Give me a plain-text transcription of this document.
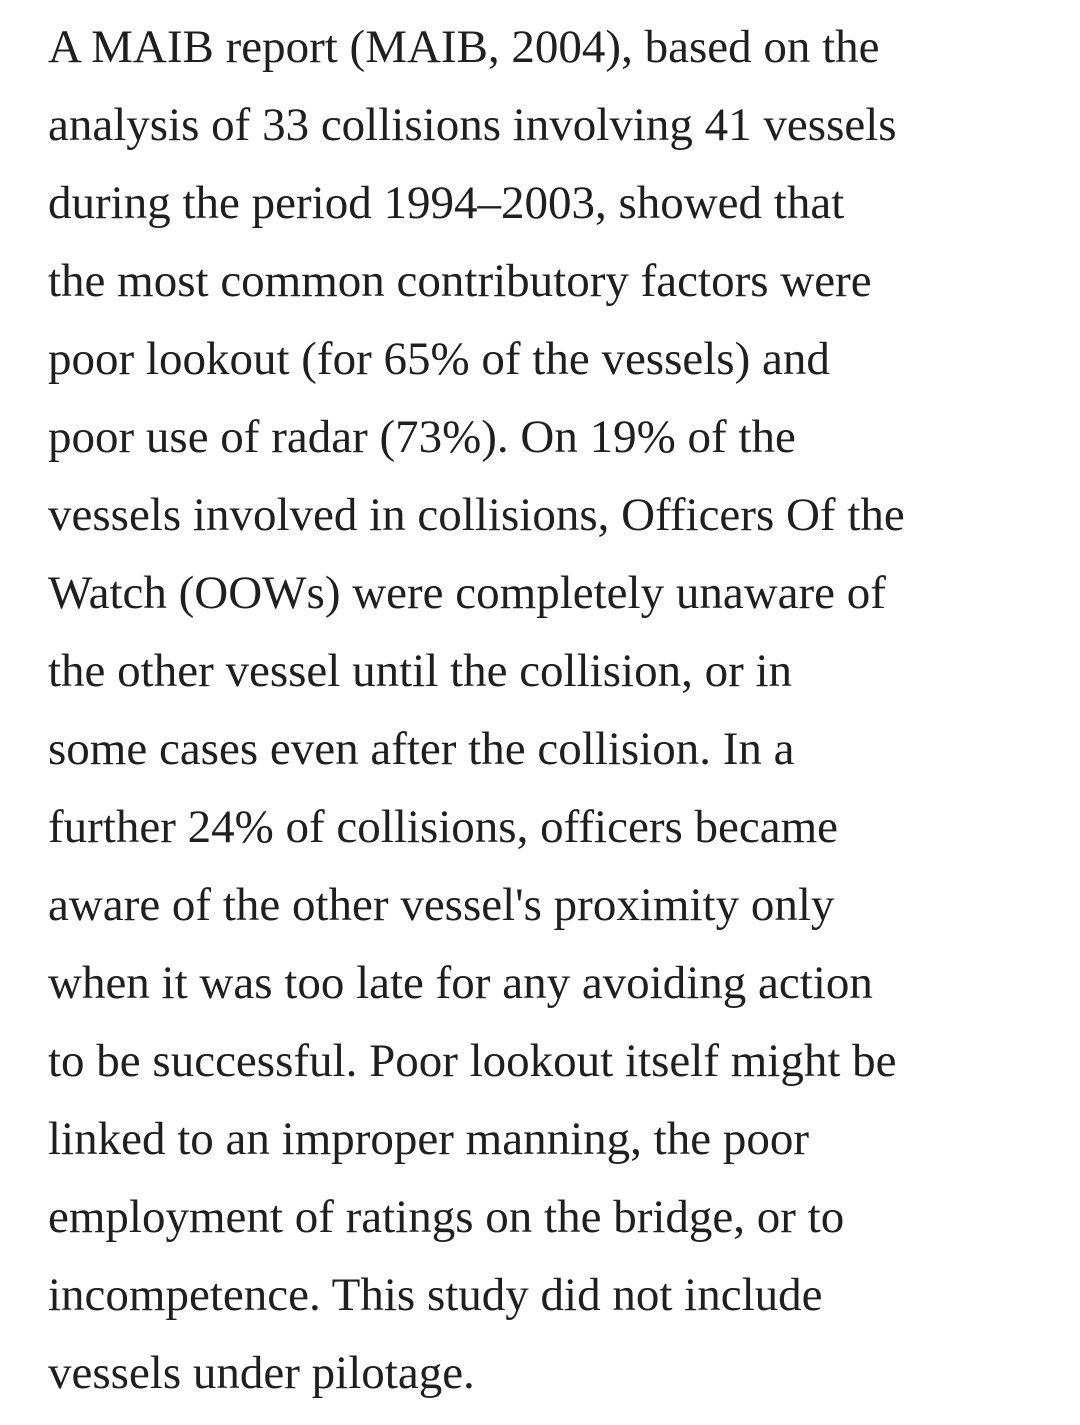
A MAIB report (MAIB, 2004), based on the
analysis of 33 collisions involving 41 vessels
during the period 1994–2003, showed that
the most common contributory factors were
poor lookout (for 65% of the vessels) and
poor use of radar (73%). On 19% of the
vessels involved in collisions, Officers Of the
Watch (OOWs) were completely unaware of
the other vessel until the collision, or in
some cases even after the collision. In a
further 24% of collisions, officers became
aware of the other vessel's proximity only
when it was too late for any avoiding action
to be successful. Poor lookout itself might be
linked to an improper manning, the poor
employment of ratings on the bridge, or to
incompetence. This study did not include
vessels under pilotage.
